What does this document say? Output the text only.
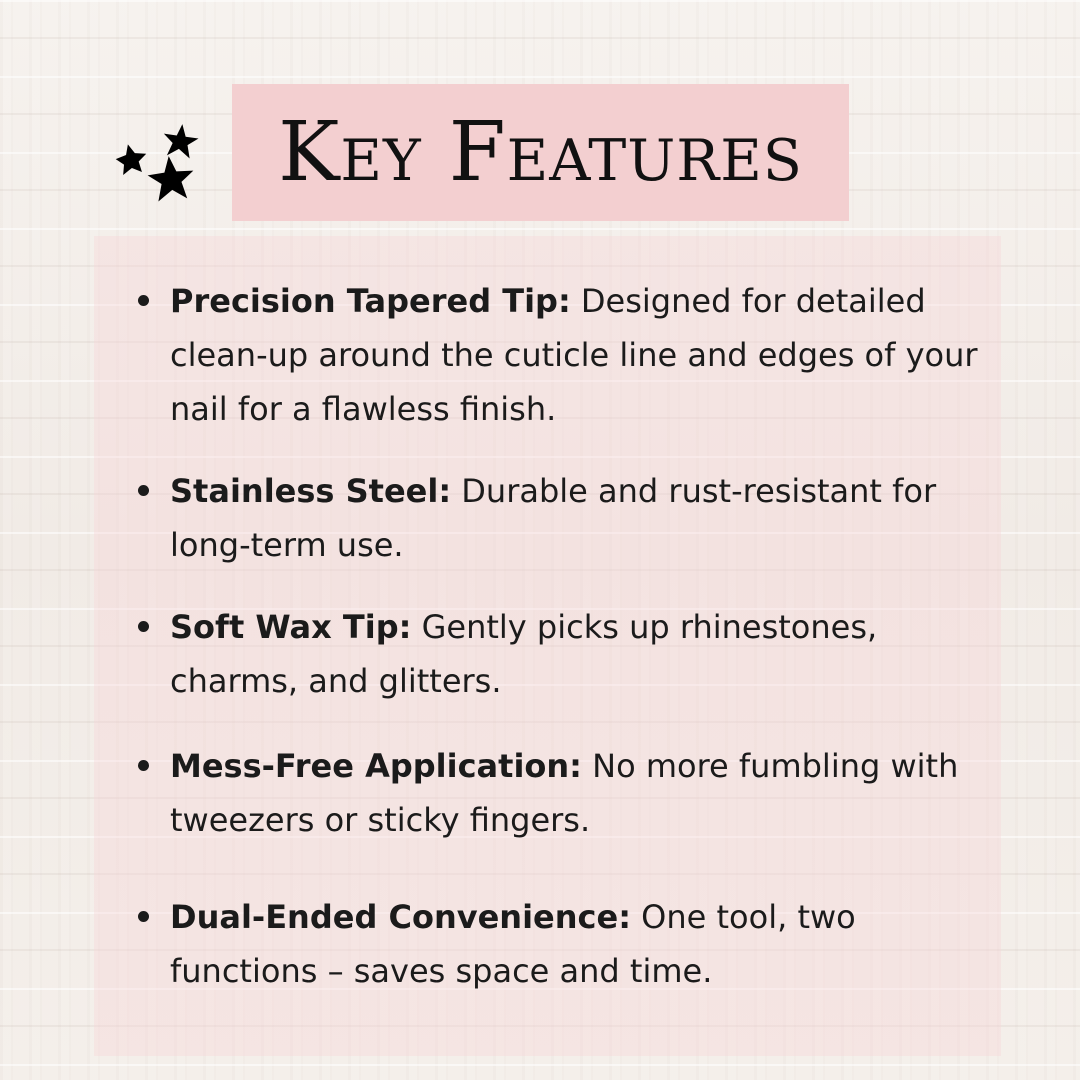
Key Features
Precision Tapered Tip: Designed for detailed clean-up around the cuticle line and edges of your nail for a flawless finish.
Stainless Steel: Durable and rust-resistant for long-term use.
Soft Wax Tip: Gently picks up rhinestones, charms, and glitters.
Mess-Free Application: No more fumbling with tweezers or sticky fingers.
Dual-Ended Convenience: One tool, two functions – saves space and time.
